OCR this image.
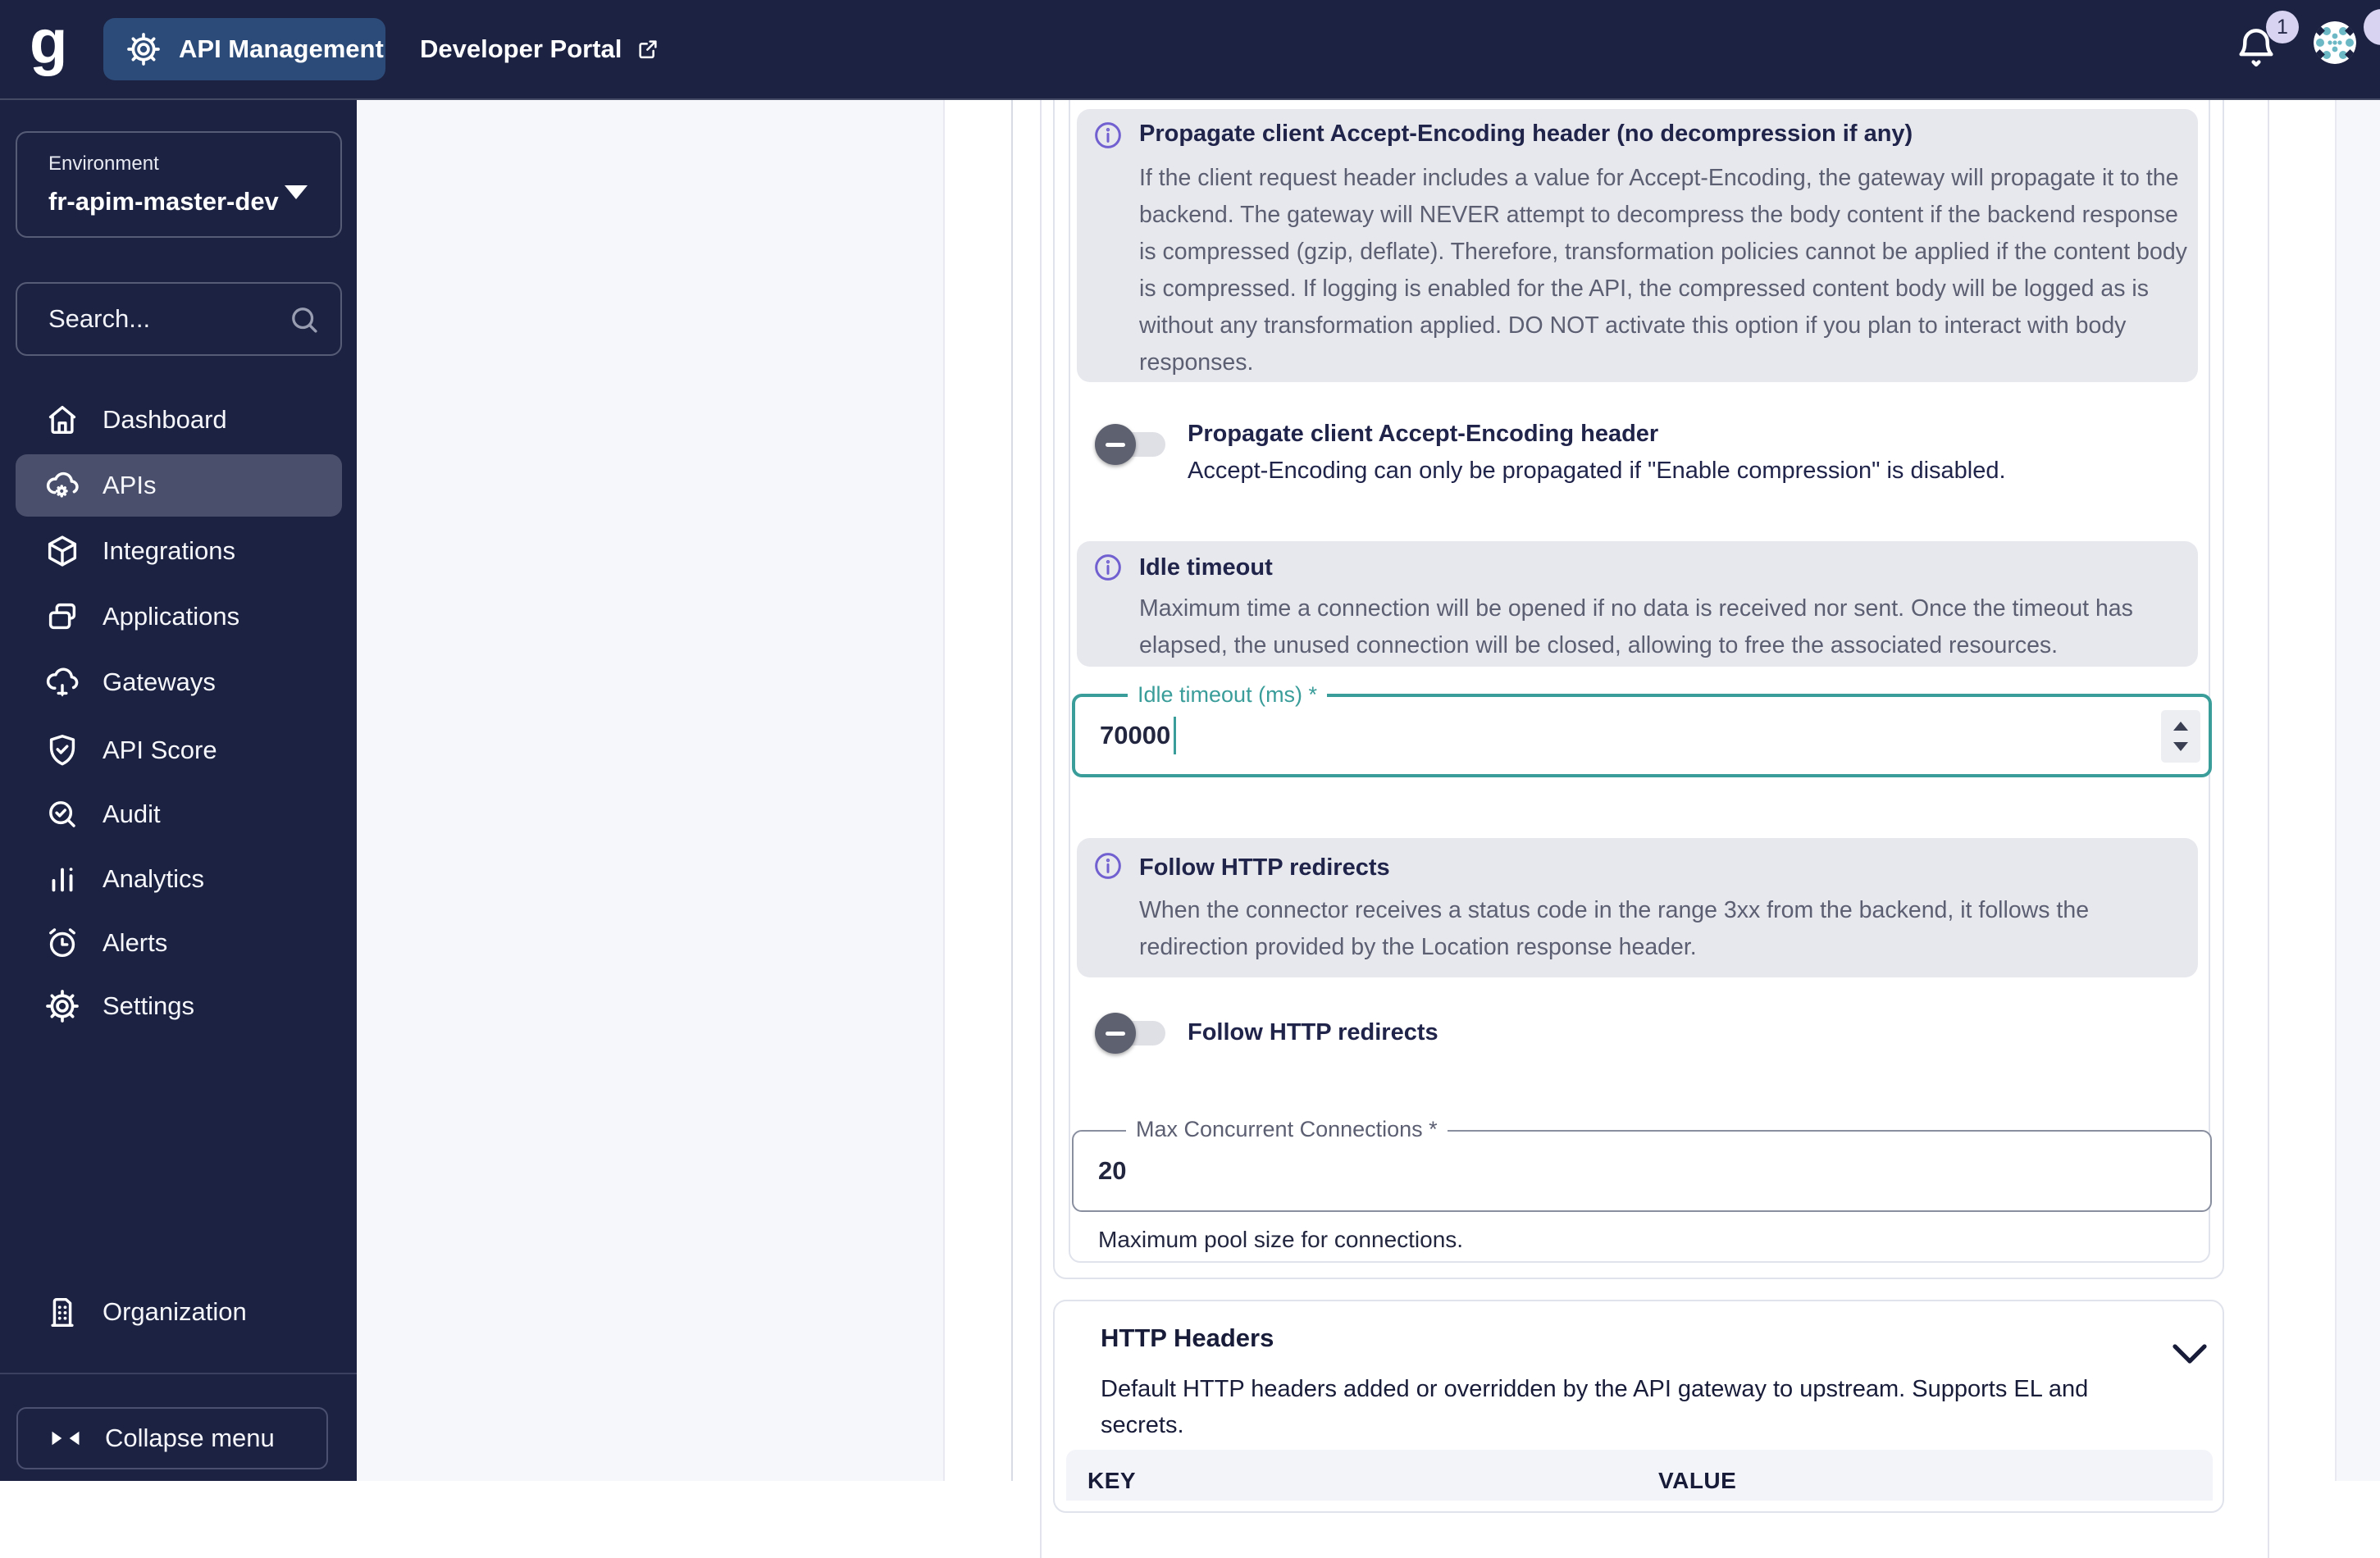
g	API Management Developer Portal
1
Environment
fr-apim-master-dev
Search...
Dashboard
APIs
Integrations
Applications
Gateways
API Score
Audit
Analytics
Alerts
Settings
Organization
Collapse menu
Propagate client Accept-Encoding header (no decompression if any)
If the client request header includes a value for Accept-Encoding, the gateway will propagate it to the backend. The gateway will NEVER attempt to decompress the body content if the backend response is compressed (gzip, deflate). Therefore, transformation policies cannot be applied if the content body is compressed. If logging is enabled for the API, the compressed content body will be logged as is without any transformation applied. DO NOT activate this option if you plan to interact with body responses.
Propagate client Accept-Encoding header
Accept-Encoding can only be propagated if "Enable compression" is disabled.
Idle timeout
Maximum time a connection will be opened if no data is received nor sent. Once the timeout has elapsed, the unused connection will be closed, allowing to free the associated resources.
Idle timeout (ms) *
70000
Follow HTTP redirects
When the connector receives a status code in the range 3xx from the backend, it follows the redirection provided by the Location response header.
Follow HTTP redirects
Max Concurrent Connections *
20
Maximum pool size for connections.
HTTP Headers
Default HTTP headers added or overridden by the API gateway to upstream. Supports EL and secrets.
KEY	VALUE
